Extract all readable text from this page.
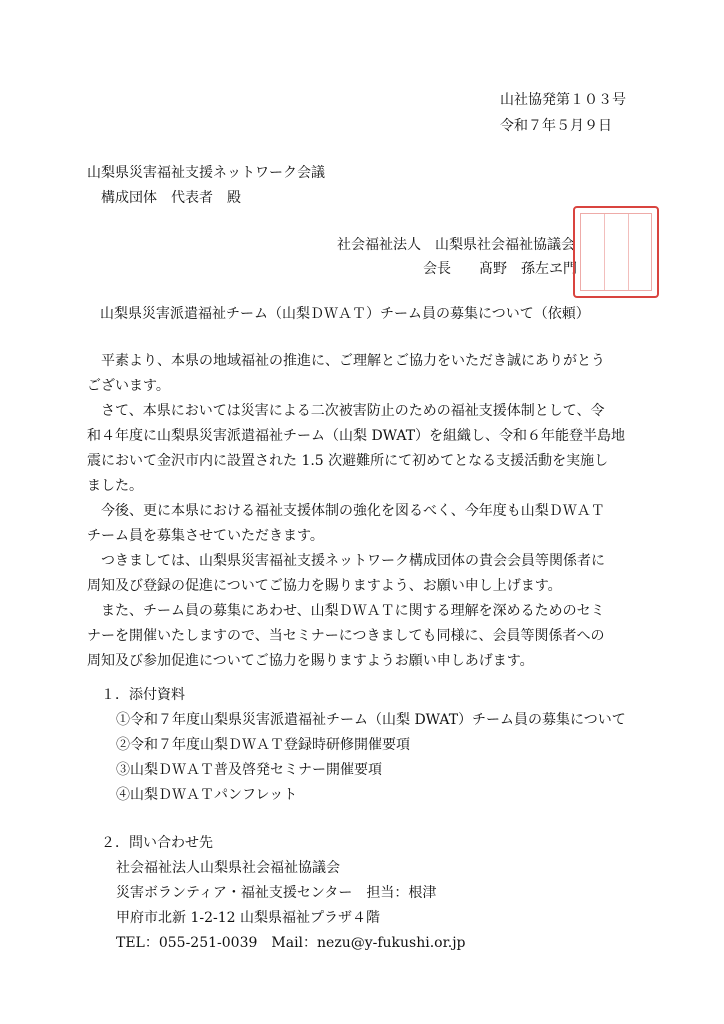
山社協発第１０３号
令和７年５月９日
山梨県災害福祉支援ネットワーク会議
構成団体　代表者　殿
社会福祉法人　山梨県社会福祉協議会
会長　　髙野　孫左ヱ門
山梨県災害派遣福祉チーム（山梨ＤＷＡＴ）チーム員の募集について（依頼）
平素より、本県の地域福祉の推進に、ご理解とご協力をいただき誠にありがとう
ございます。
さて、本県においては災害による二次被害防止のための福祉支援体制として、令
和４年度に山梨県災害派遣福祉チーム（山梨 DWAT）を組織し、令和６年能登半島地
震において金沢市内に設置された 1.5 次避難所にて初めてとなる支援活動を実施し
ました。
今後、更に本県における福祉支援体制の強化を図るべく、今年度も山梨ＤＷＡＴ
チーム員を募集させていただきます。
つきましては、山梨県災害福祉支援ネットワーク構成団体の貴会会員等関係者に
周知及び登録の促進についてご協力を賜りますよう、お願い申し上げます。
また、チーム員の募集にあわせ、山梨ＤＷＡＴに関する理解を深めるためのセミ
ナーを開催いたしますので、当セミナーにつきましても同様に、会員等関係者への
周知及び参加促進についてご協力を賜りますようお願い申しあげます。
１．添付資料
①令和７年度山梨県災害派遣福祉チーム（山梨 DWAT）チーム員の募集について
②令和７年度山梨ＤＷＡＴ登録時研修開催要項
③山梨ＤＷＡＴ普及啓発セミナー開催要項
④山梨ＤＷＡＴパンフレット
２．問い合わせ先
社会福祉法人山梨県社会福祉協議会
災害ボランティア・福祉支援センター　担当：根津
甲府市北新 1-2-12 山梨県福祉プラザ４階
TEL：055-251-0039　Mail：nezu@y-fukushi.or.jp
